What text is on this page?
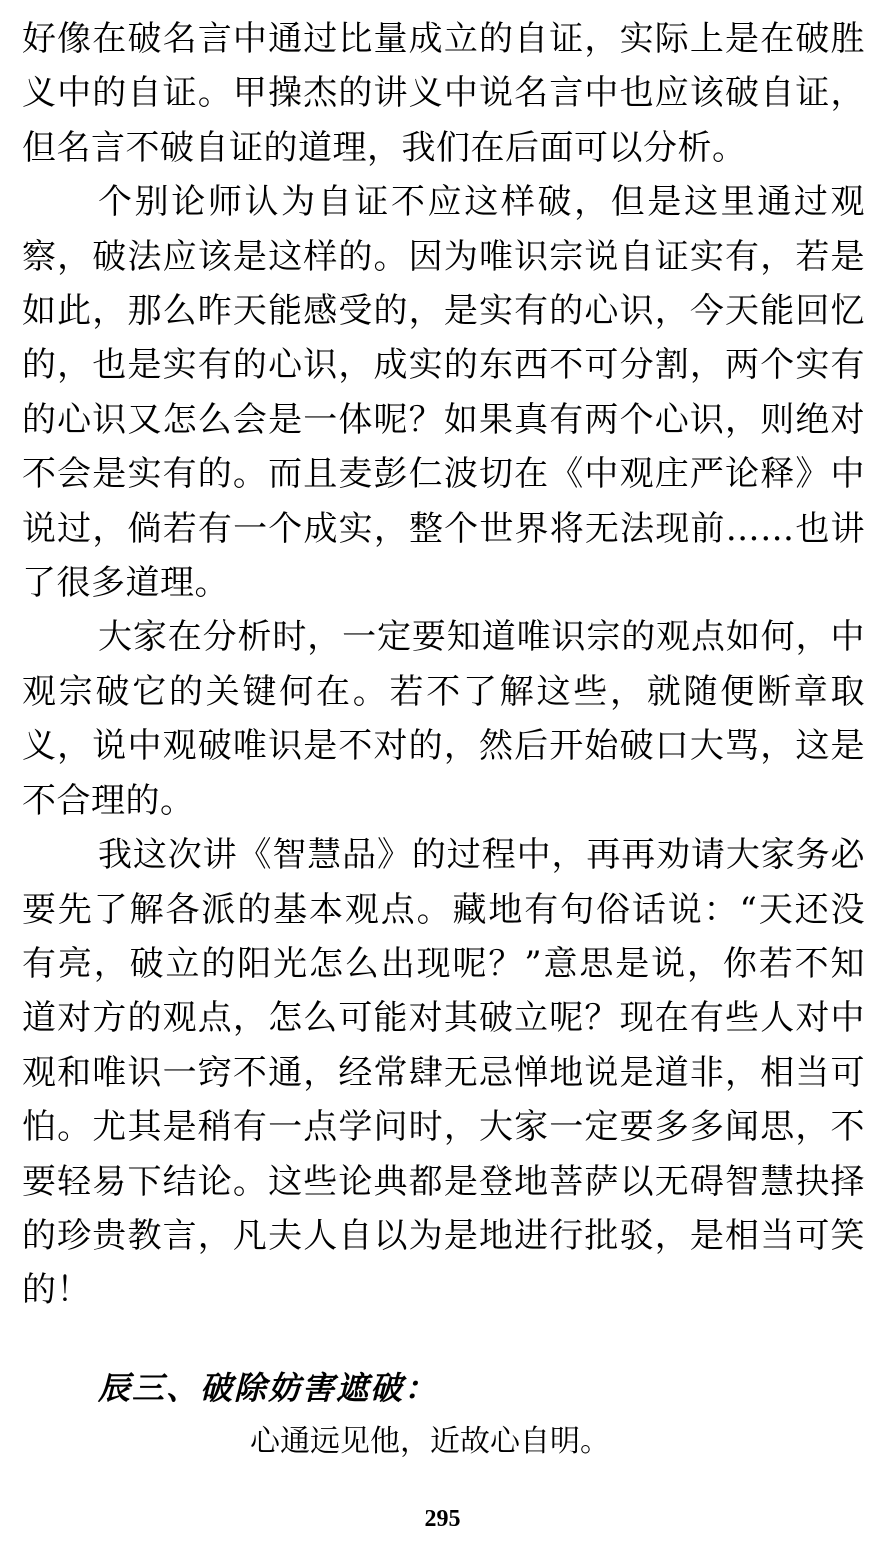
好像在破名言中通过比量成立的自证，实际上是在破胜义中的自证。甲操杰的讲义中说名言中也应该破自证，但名言不破自证的道理，我们在后面可以分析。

个别论师认为自证不应这样破，但是这里通过观察，破法应该是这样的。因为唯识宗说自证实有，若是如此，那么昨天能感受的，是实有的心识，今天能回忆的，也是实有的心识，成实的东西不可分割，两个实有的心识又怎么会是一体呢？如果真有两个心识，则绝对不会是实有的。而且麦彭仁波切在《中观庄严论释》中说过，倘若有一个成实，整个世界将无法现前……也讲了很多道理。

大家在分析时，一定要知道唯识宗的观点如何，中观宗破它的关键何在。若不了解这些，就随便断章取义，说中观破唯识是不对的，然后开始破口大骂，这是不合理的。

我这次讲《智慧品》的过程中，再再劝请大家务必要先了解各派的基本观点。藏地有句俗话说：“天还没有亮，破立的阳光怎么出现呢？”意思是说，你若不知道对方的观点，怎么可能对其破立呢？现在有些人对中观和唯识一窍不通，经常肆无忌惮地说是道非，相当可怕。尤其是稍有一点学问时，大家一定要多多闻思，不要轻易下结论。这些论典都是登地菩萨以无碍智慧抉择的珍贵教言，凡夫人自以为是地进行批驳，是相当可笑的！

辰三、破除妨害遮破：
心通远见他，近故心自明。
295
